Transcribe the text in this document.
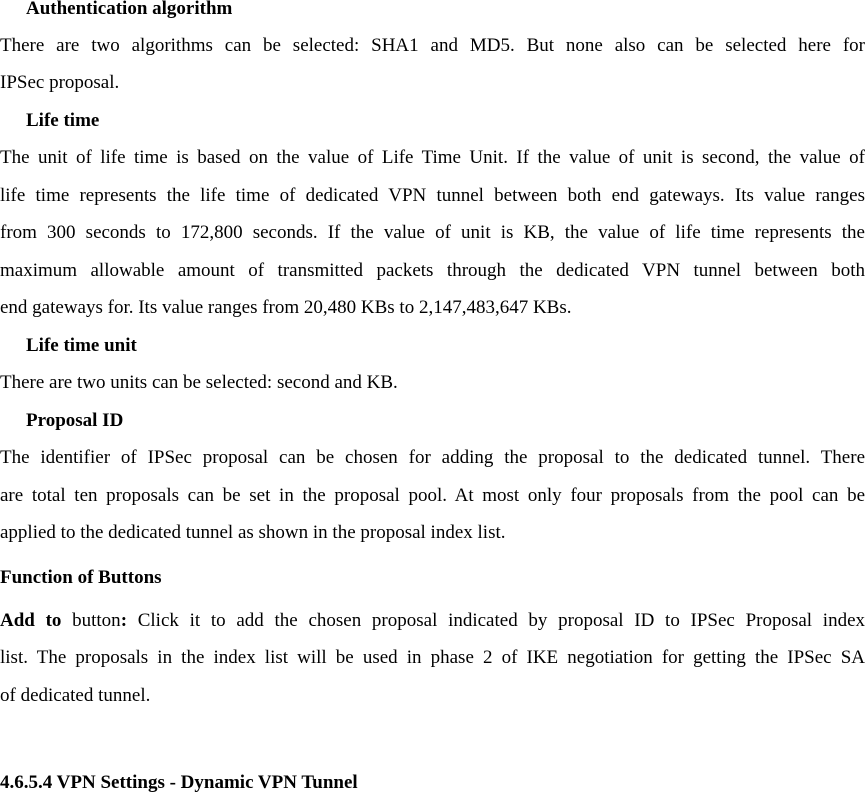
Authentication algorithm
There are two algorithms can be selected: SHA1 and MD5. But none also can be selected here for
IPSec proposal.
Life time
The unit of life time is based on the value of Life Time Unit. If the value of unit is second, the value of
life time represents the life time of dedicated VPN tunnel between both end gateways. Its value ranges
from 300 seconds to 172,800 seconds. If the value of unit is KB, the value of life time represents the
maximum allowable amount of transmitted packets through the dedicated VPN tunnel between both
end gateways for. Its value ranges from 20,480 KBs to 2,147,483,647 KBs.
Life time unit
There are two units can be selected: second and KB.
Proposal ID
The identifier of IPSec proposal can be chosen for adding the proposal to the dedicated tunnel. There
are total ten proposals can be set in the proposal pool. At most only four proposals from the pool can be
applied to the dedicated tunnel as shown in the proposal index list.
Function of Buttons
Add to button: Click it to add the chosen proposal indicated by proposal ID to IPSec Proposal index
list. The proposals in the index list will be used in phase 2 of IKE negotiation for getting the IPSec SA
of dedicated tunnel.
4.6.5.4 VPN Settings - Dynamic VPN Tunnel
